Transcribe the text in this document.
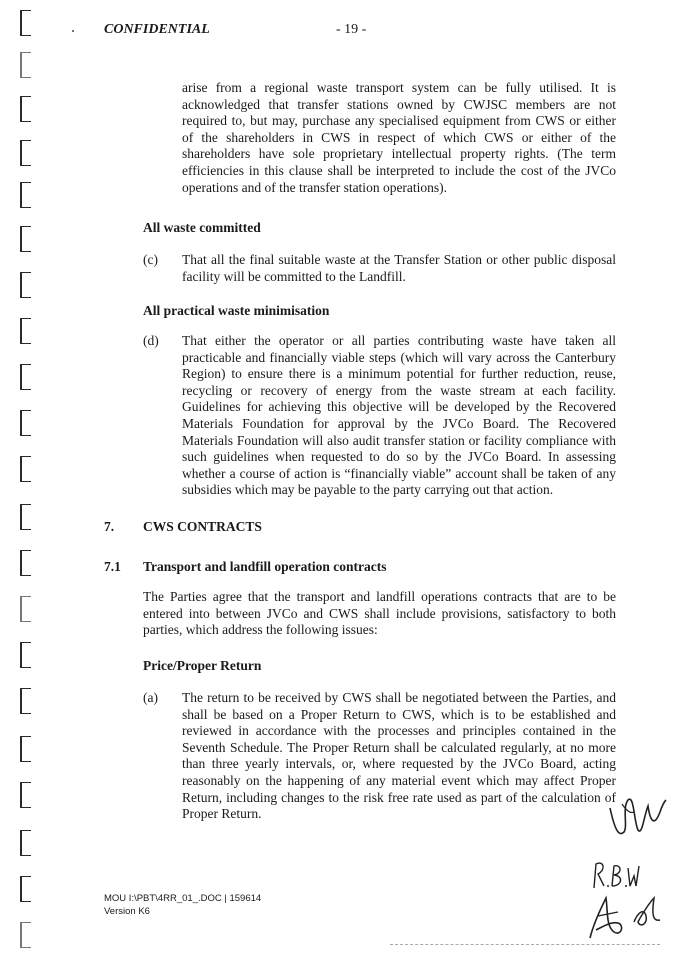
CONFIDENTIAL	- 19 -
arise from a regional waste transport system can be fully utilised. It is acknowledged that transfer stations owned by CWJSC members are not required to, but may, purchase any specialised equipment from CWS or either of the shareholders in CWS in respect of which CWS or either of the shareholders have sole proprietary intellectual property rights. (The term efficiencies in this clause shall be interpreted to include the cost of the JVCo operations and of the transfer station operations).
All waste committed
(c) That all the final suitable waste at the Transfer Station or other public disposal facility will be committed to the Landfill.
All practical waste minimisation
(d) That either the operator or all parties contributing waste have taken all practicable and financially viable steps (which will vary across the Canterbury Region) to ensure there is a minimum potential for further reduction, reuse, recycling or recovery of energy from the waste stream at each facility. Guidelines for achieving this objective will be developed by the Recovered Materials Foundation for approval by the JVCo Board. The Recovered Materials Foundation will also audit transfer station or facility compliance with such guidelines when requested to do so by the JVCo Board. In assessing whether a course of action is “financially viable” account shall be taken of any subsidies which may be payable to the party carrying out that action.
7. CWS CONTRACTS
7.1 Transport and landfill operation contracts
The Parties agree that the transport and landfill operations contracts that are to be entered into between JVCo and CWS shall include provisions, satisfactory to both parties, which address the following issues:
Price/Proper Return
(a) The return to be received by CWS shall be negotiated between the Parties, and shall be based on a Proper Return to CWS, which is to be established and reviewed in accordance with the processes and principles contained in the Seventh Schedule. The Proper Return shall be calculated regularly, at no more than three yearly intervals, or, where requested by the JVCo Board, acting reasonably on the happening of any material event which may affect Proper Return, including changes to the risk free rate used as part of the calculation of Proper Return.
MOU I:\PBT\4RR_01_.DOC | 159614
Version K6
